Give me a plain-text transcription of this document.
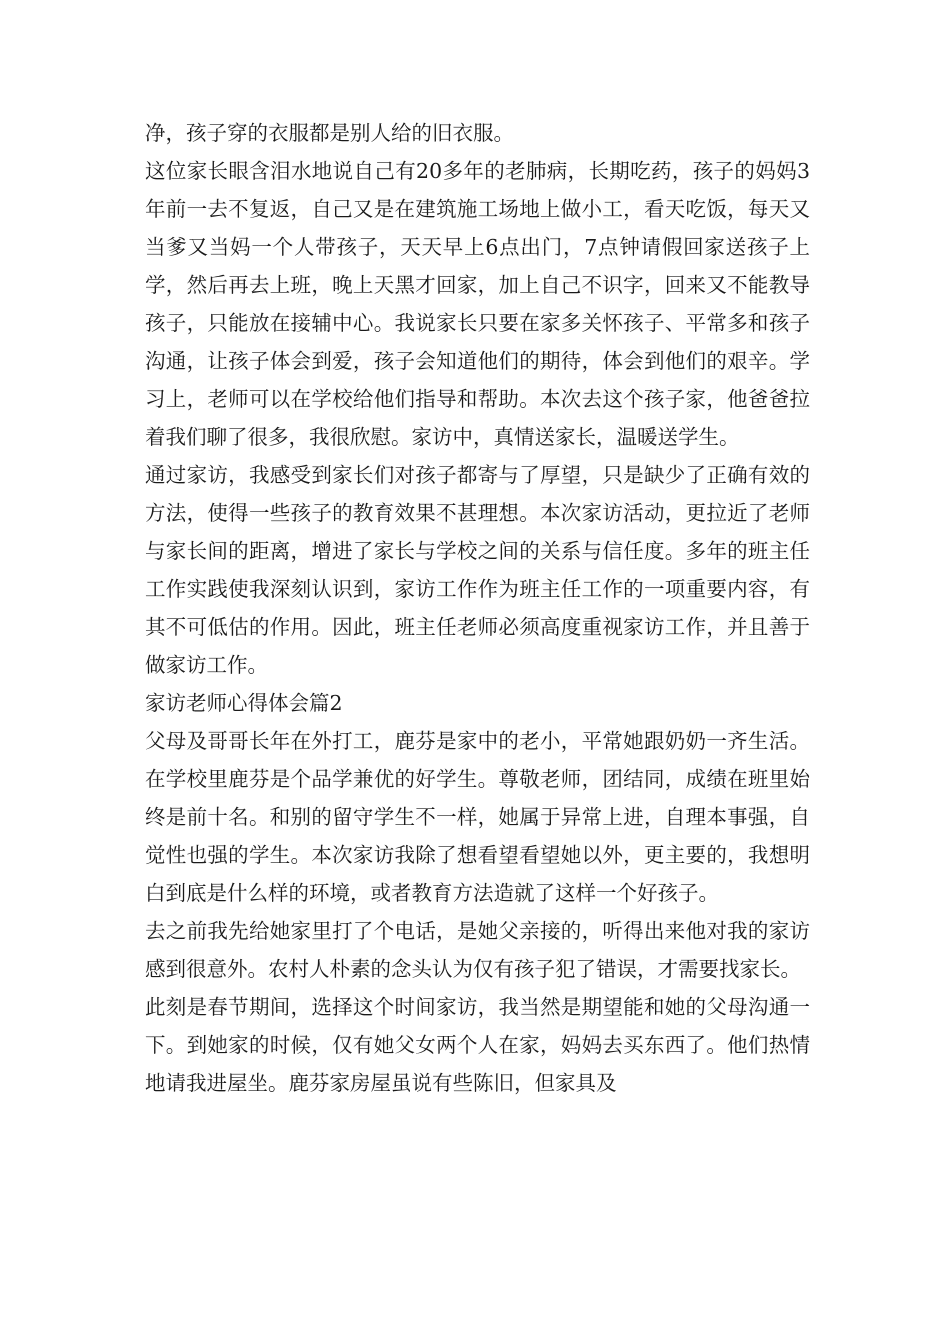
净，孩子穿的衣服都是别人给的旧衣服。

这位家长眼含泪水地说自己有20多年的老肺病，长期吃药，孩子的妈妈3年前一去不复返，自己又是在建筑施工场地上做小工，看天吃饭，每天又当爹又当妈一个人带孩子，天天早上6点出门，7点钟请假回家送孩子上学，然后再去上班，晚上天黑才回家，加上自己不识字，回来又不能教导孩子，只能放在接辅中心。我说家长只要在家多关怀孩子、平常多和孩子沟通，让孩子体会到爱，孩子会知道他们的期待，体会到他们的艰辛。学习上，老师可以在学校给他们指导和帮助。本次去这个孩子家，他爸爸拉着我们聊了很多，我很欣慰。家访中，真情送家长，温暖送学生。

通过家访，我感受到家长们对孩子都寄与了厚望，只是缺少了正确有效的方法，使得一些孩子的教育效果不甚理想。本次家访活动，更拉近了老师与家长间的距离，增进了家长与学校之间的关系与信任度。多年的班主任工作实践使我深刻认识到，家访工作作为班主任工作的一项重要内容，有其不可低估的作用。因此，班主任老师必须高度重视家访工作，并且善于做家访工作。

家访老师心得体会篇2

父母及哥哥长年在外打工，鹿芬是家中的老小，平常她跟奶奶一齐生活。在学校里鹿芬是个品学兼优的好学生。尊敬老师，团结同，成绩在班里始终是前十名。和别的留守学生不一样，她属于异常上进，自理本事强，自觉性也强的学生。本次家访我除了想看望看望她以外，更主要的，我想明白到底是什么样的环境，或者教育方法造就了这样一个好孩子。

去之前我先给她家里打了个电话，是她父亲接的，听得出来他对我的家访感到很意外。农村人朴素的念头认为仅有孩子犯了错误，才需要找家长。

此刻是春节期间，选择这个时间家访，我当然是期望能和她的父母沟通一下。到她家的时候，仅有她父女两个人在家，妈妈去买东西了。他们热情地请我进屋坐。鹿芬家房屋虽说有些陈旧，但家具及
